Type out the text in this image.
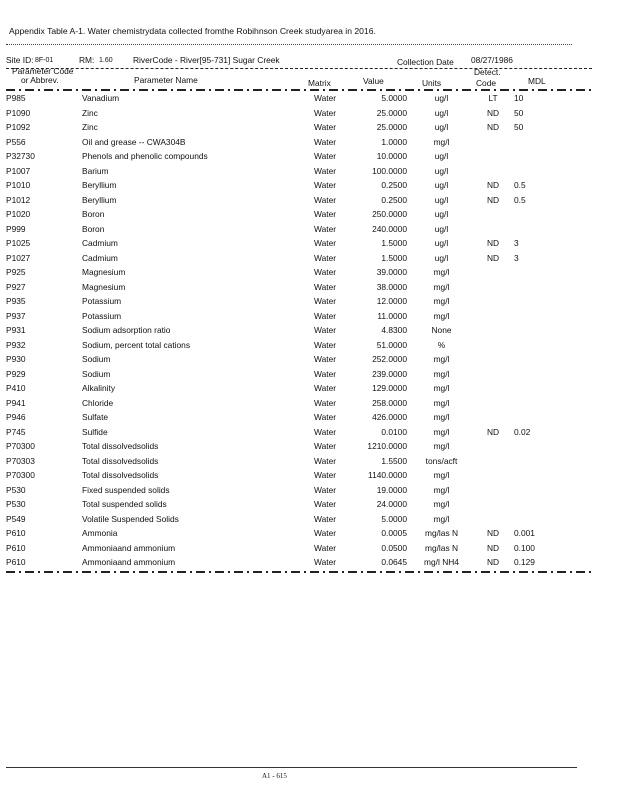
Appendix Table A-1. Water chemistrydata collected fromthe Robihnson Creek studyarea in 2016.
Site ID: 8F-01	RM: 1.60 RiverCode - River[95-731] Sugar Creek	Collection Date 08/27/1986
Parameter Code
or Abbrev.	Parameter Name	Matrix	Value	Units
Detect.
Code	MDL
P985	Vanadium	Water	5.0000	ug/l	LT	10
P1090	Zinc	Water	25.0000	ug/l	ND	50
P1092	Zinc	Water	25.0000	ug/l	ND	50
P556	Oil and grease -- CWA304B	Water	1.0000	mg/l		
P32730	Phenols and phenolic compounds	Water	10.0000	ug/l		
P1007	Barium	Water	100.0000	ug/l		
P1010	Beryllium	Water	0.2500	ug/l	ND	0.5
P1012	Beryllium	Water	0.2500	ug/l	ND	0.5
P1020	Boron	Water	250.0000	ug/l		
P999	Boron	Water	240.0000	ug/l		
P1025	Cadmium	Water	1.5000	ug/l	ND	3
P1027	Cadmium	Water	1.5000	ug/l	ND	3
P925	Magnesium	Water	39.0000	mg/l		
P927	Magnesium	Water	38.0000	mg/l		
P935	Potassium	Water	12.0000	mg/l		
P937	Potassium	Water	11.0000	mg/l		
P931	Sodium adsorption ratio	Water	4.8300	None		
P932	Sodium, percent total cations	Water	51.0000	%		
P930	Sodium	Water	252.0000	mg/l		
P929	Sodium	Water	239.0000	mg/l		
P410	Alkalinity	Water	129.0000	mg/l		
P941	Chloride	Water	258.0000	mg/l		
P946	Sulfate	Water	426.0000	mg/l		
P745	Sulfide	Water	0.0100	mg/l	ND	0.02
P70300	Total dissolvedsolids	Water	1210.0000	mg/l		
P70303	Total dissolvedsolids	Water	1.5500	tons/acft		
P70300	Total dissolvedsolids	Water	1140.0000	mg/l		
P530	Fixed suspended solids	Water	19.0000	mg/l		
P530	Total suspended solids	Water	24.0000	mg/l		
P549	Volatile Suspended Solids	Water	5.0000	mg/l		
P610	Ammonia	Water	0.0005	mg/las N	ND	0.001
P610	Ammoniaand ammonium	Water	0.0500	mg/las N	ND	0.100
P610	Ammoniaand ammonium	Water	0.0645	mg/l NH4	ND	0.129
A1 - 615
